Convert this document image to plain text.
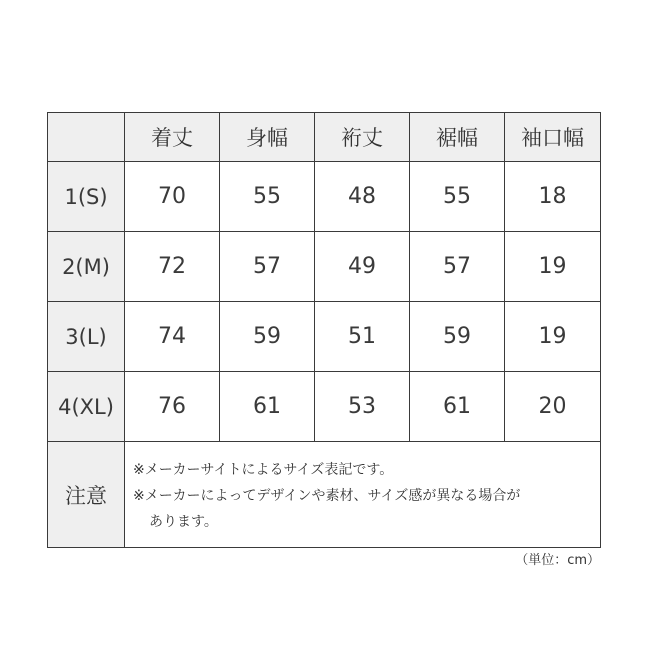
	着丈	身幅	裄丈	裾幅	袖口幅
1(S)	70	55	48	55	18
2(M)	72	57	49	57	19
3(L)	74	59	51	59	19
4(XL)	76	61	53	61	20
注意	※メーカーサイトによるサイズ表記です。
※メーカーによってデザインや素材、サイズ感が異なる場合が
あります。				
（単位：cm）
